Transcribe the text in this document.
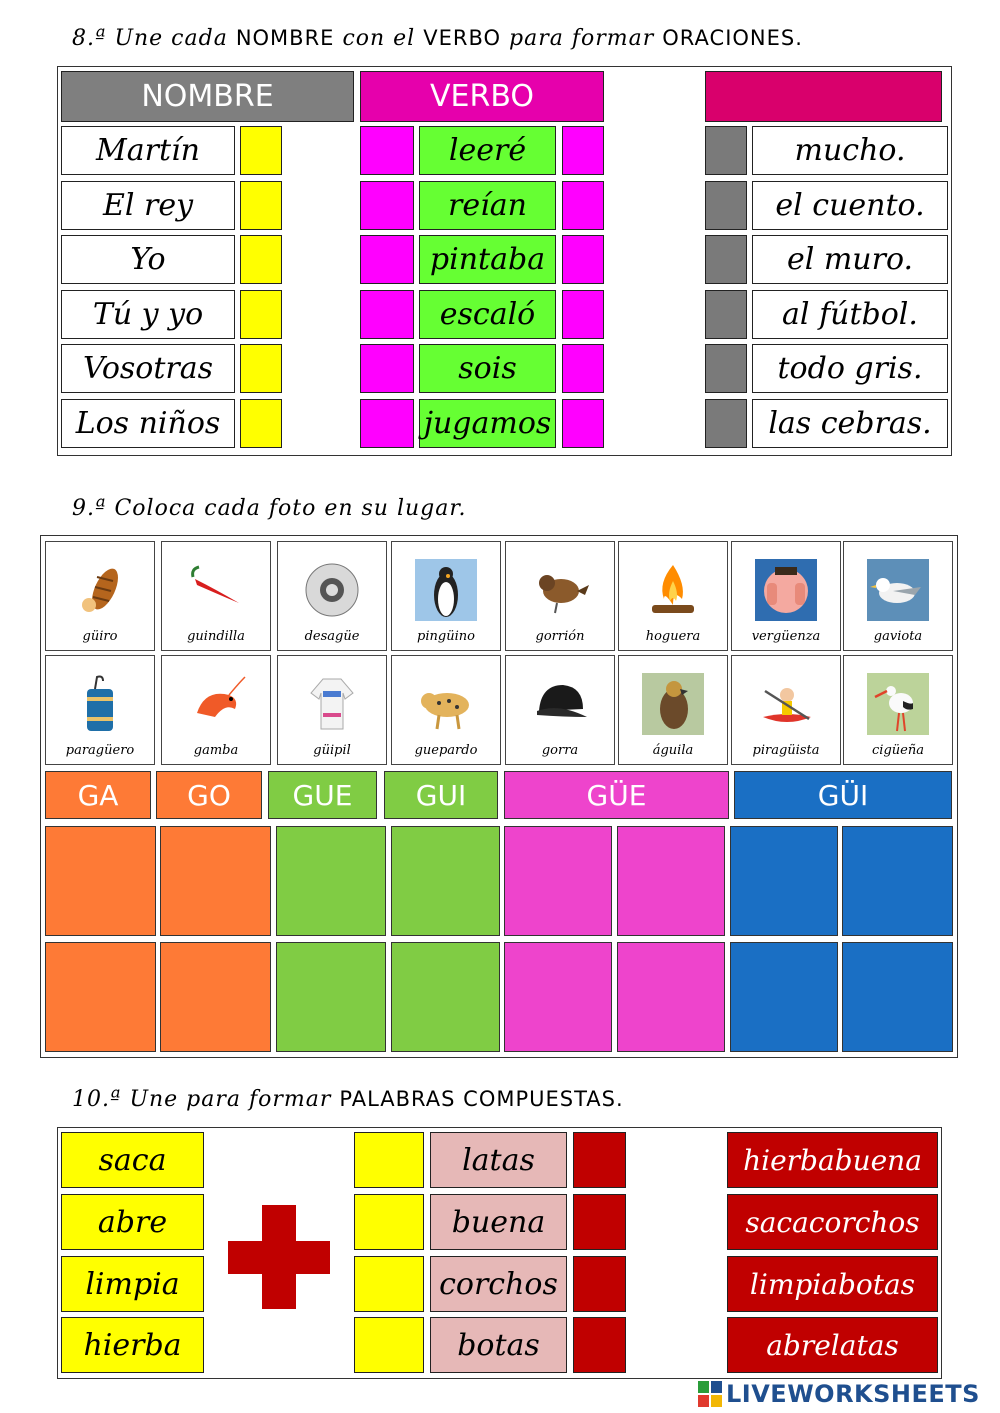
8.ª Une cada NOMBRE con el VERBO para formar ORACIONES.
NOMBRE	VERBO
Martín	leeré	mucho.
El rey	reían	el cuento.
Yo	pintaba	el muro.
Tú y yo	escaló	al fútbol.
Vosotras	sois	todo gris.
Los niños	jugamos	las cebras.
9.ª Coloca cada foto en su lugar.
güiro	guindilla	desagüe	pingüino	gorrión	hoguera	vergüenza	gaviota
paragüero	gamba	güipil	guepardo	gorra	águila	piragüista	cigüeña
GA	GO	GUE	GUI	GÜE	GÜI
10.ª Une para formar PALABRAS COMPUESTAS.
saca	latas	hierbabuena
abre	buena	sacacorchos
limpia	corchos	limpiabotas
hierba	botas	abrelatas
LIVEWORKSHEETS
